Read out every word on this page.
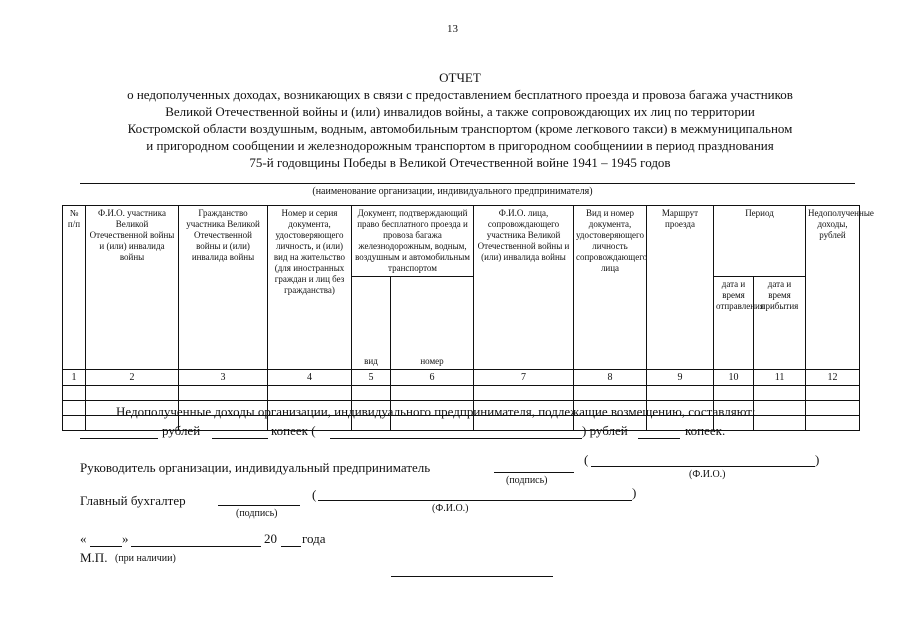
13
ОТЧЕТ
о недополученных доходах, возникающих в связи с предоставлением бесплатного проезда и провоза багажа участников
Великой Отечественной войны и (или) инвалидов войны, а также сопровождающих их лиц по территории
Костромской области воздушным, водным, автомобильным транспортом (кроме легкового такси) в межмуниципальном
и пригородном сообщении и железнодорожным транспортом в пригородном сообщениии в период празднования
75-й годовщины Победы в Великой Отечественной войне 1941 – 1945 годов
(наименование организации, индивидуального предпринимателя)
№ п/п	Ф.И.О. участника Великой Отечественной войны и (или) инвалида войны	Гражданство участника Великой Отечественной войны и (или) инвалида войны	Номер и серия документа, удостоверяющего личность, и (или) вид на жительство (для иностранных граждан и лиц без гражданства)	Документ, подтверждающий право бесплатного проезда и провоза багажа железнодорожным, водным, воздушным и автомобильным транспортом		Ф.И.О. лица, сопровождающего участника Великой Отечественной войны и (или) инвалида войны	Вид и номер документа, удостоверяющего личность сопровождающего лица	Маршрут проезда	Период		Недополученные доходы, рублей
				вид	номер				дата и время отправления	дата и время прибытия	
1	2	3	4	5	6	7	8	9	10	11	12

Недополученные доходы организации, индивидуального предпринимателя, подлежащие возмещению, составляют:
рублей	копеек (	) рублей	копеек.
Руководитель организации, индивидуальный предприниматель
(подпись)
(	)
(Ф.И.О.)
Главный бухгалтер
(подпись)
(	)
(Ф.И.О.)
«	»	20 года
М.П. (при наличии)
